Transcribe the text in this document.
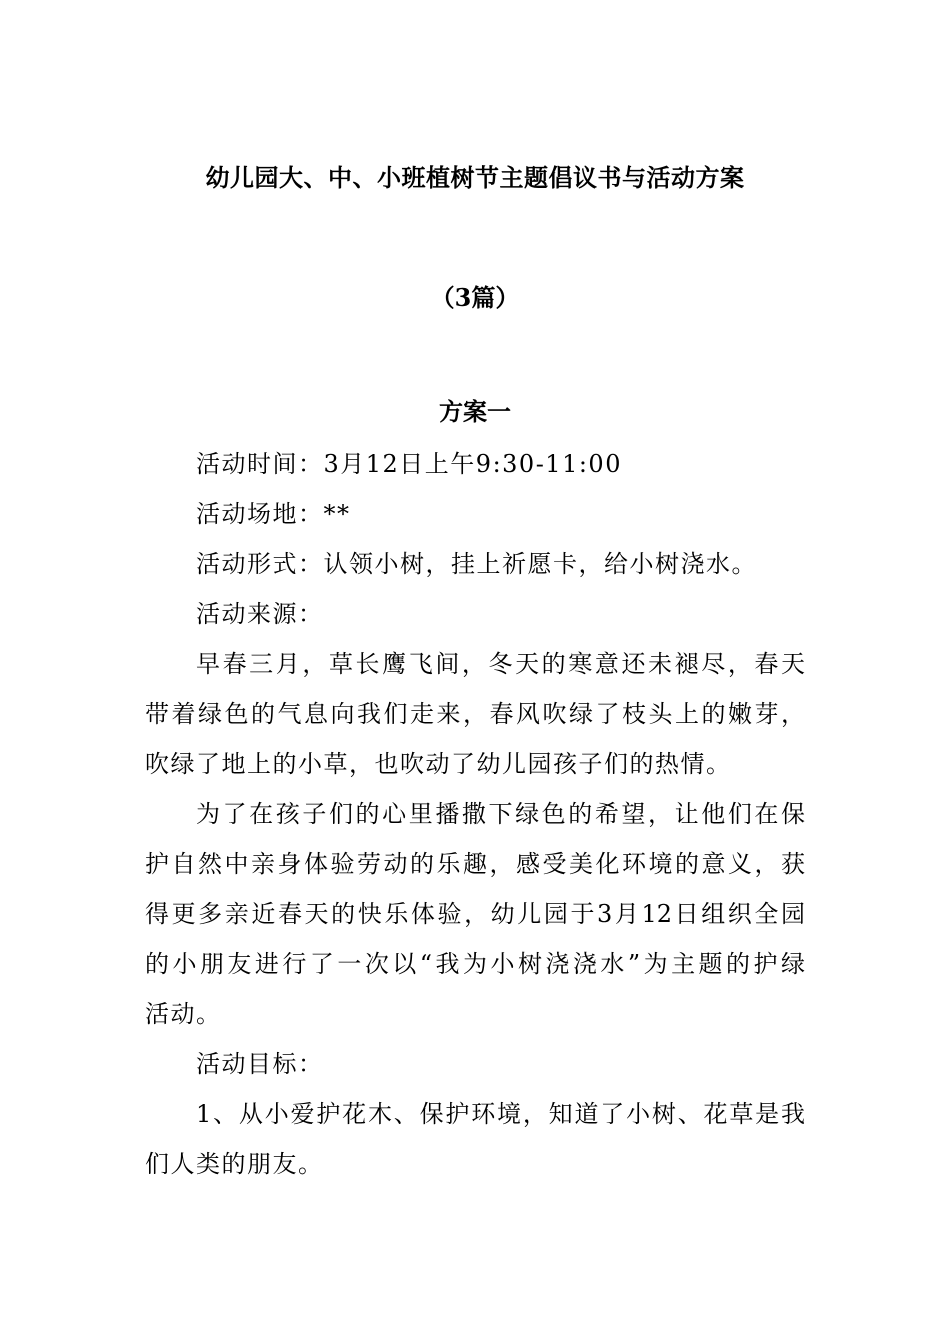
幼儿园大、中、小班植树节主题倡议书与活动方案
（3篇）
方案一
活动时间：3月12日上午9:30-11:00
活动场地：**
活动形式：认领小树，挂上祈愿卡，给小树浇水。
活动来源：
早春三月，草长鹰飞间，冬天的寒意还未褪尽，春天
带着绿色的气息向我们走来，春风吹绿了枝头上的嫩芽，
吹绿了地上的小草，也吹动了幼儿园孩子们的热情。
为了在孩子们的心里播撒下绿色的希望，让他们在保
护自然中亲身体验劳动的乐趣，感受美化环境的意义，获
得更多亲近春天的快乐体验，幼儿园于3月12日组织全园
的小朋友进行了一次以“我为小树浇浇水”为主题的护绿
活动。
活动目标：
1、从小爱护花木、保护环境，知道了小树、花草是我
们人类的朋友。
